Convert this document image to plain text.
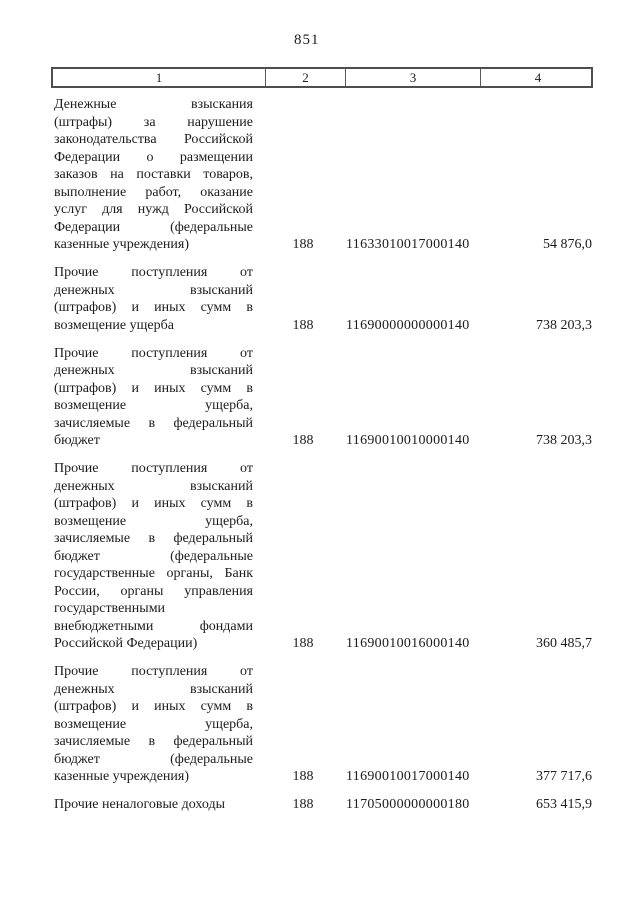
851
1	2	3	4
Денежные взыскания
(штрафы) за нарушение
законодательства Российской
Федерации о размещении
заказов на поставки товаров,
выполнение работ, оказание
услуг для нужд Российской
Федерации (федеральные
казенные учреждения)	188	11633010017000140	54 876,0
Прочие поступления от
денежных взысканий
(штрафов) и иных сумм в
возмещение ущерба	188	11690000000000140	738 203,3
Прочие поступления от
денежных взысканий
(штрафов) и иных сумм в
возмещение ущерба,
зачисляемые в федеральный
бюджет	188	11690010010000140	738 203,3
Прочие поступления от
денежных взысканий
(штрафов) и иных сумм в
возмещение ущерба,
зачисляемые в федеральный
бюджет (федеральные
государственные органы, Банк
России, органы управления
государственными
внебюджетными фондами
Российской Федерации)	188	11690010016000140	360 485,7
Прочие поступления от
денежных взысканий
(штрафов) и иных сумм в
возмещение ущерба,
зачисляемые в федеральный
бюджет (федеральные
казенные учреждения)	188	11690010017000140	377 717,6
Прочие неналоговые доходы	188	11705000000000180	653 415,9
